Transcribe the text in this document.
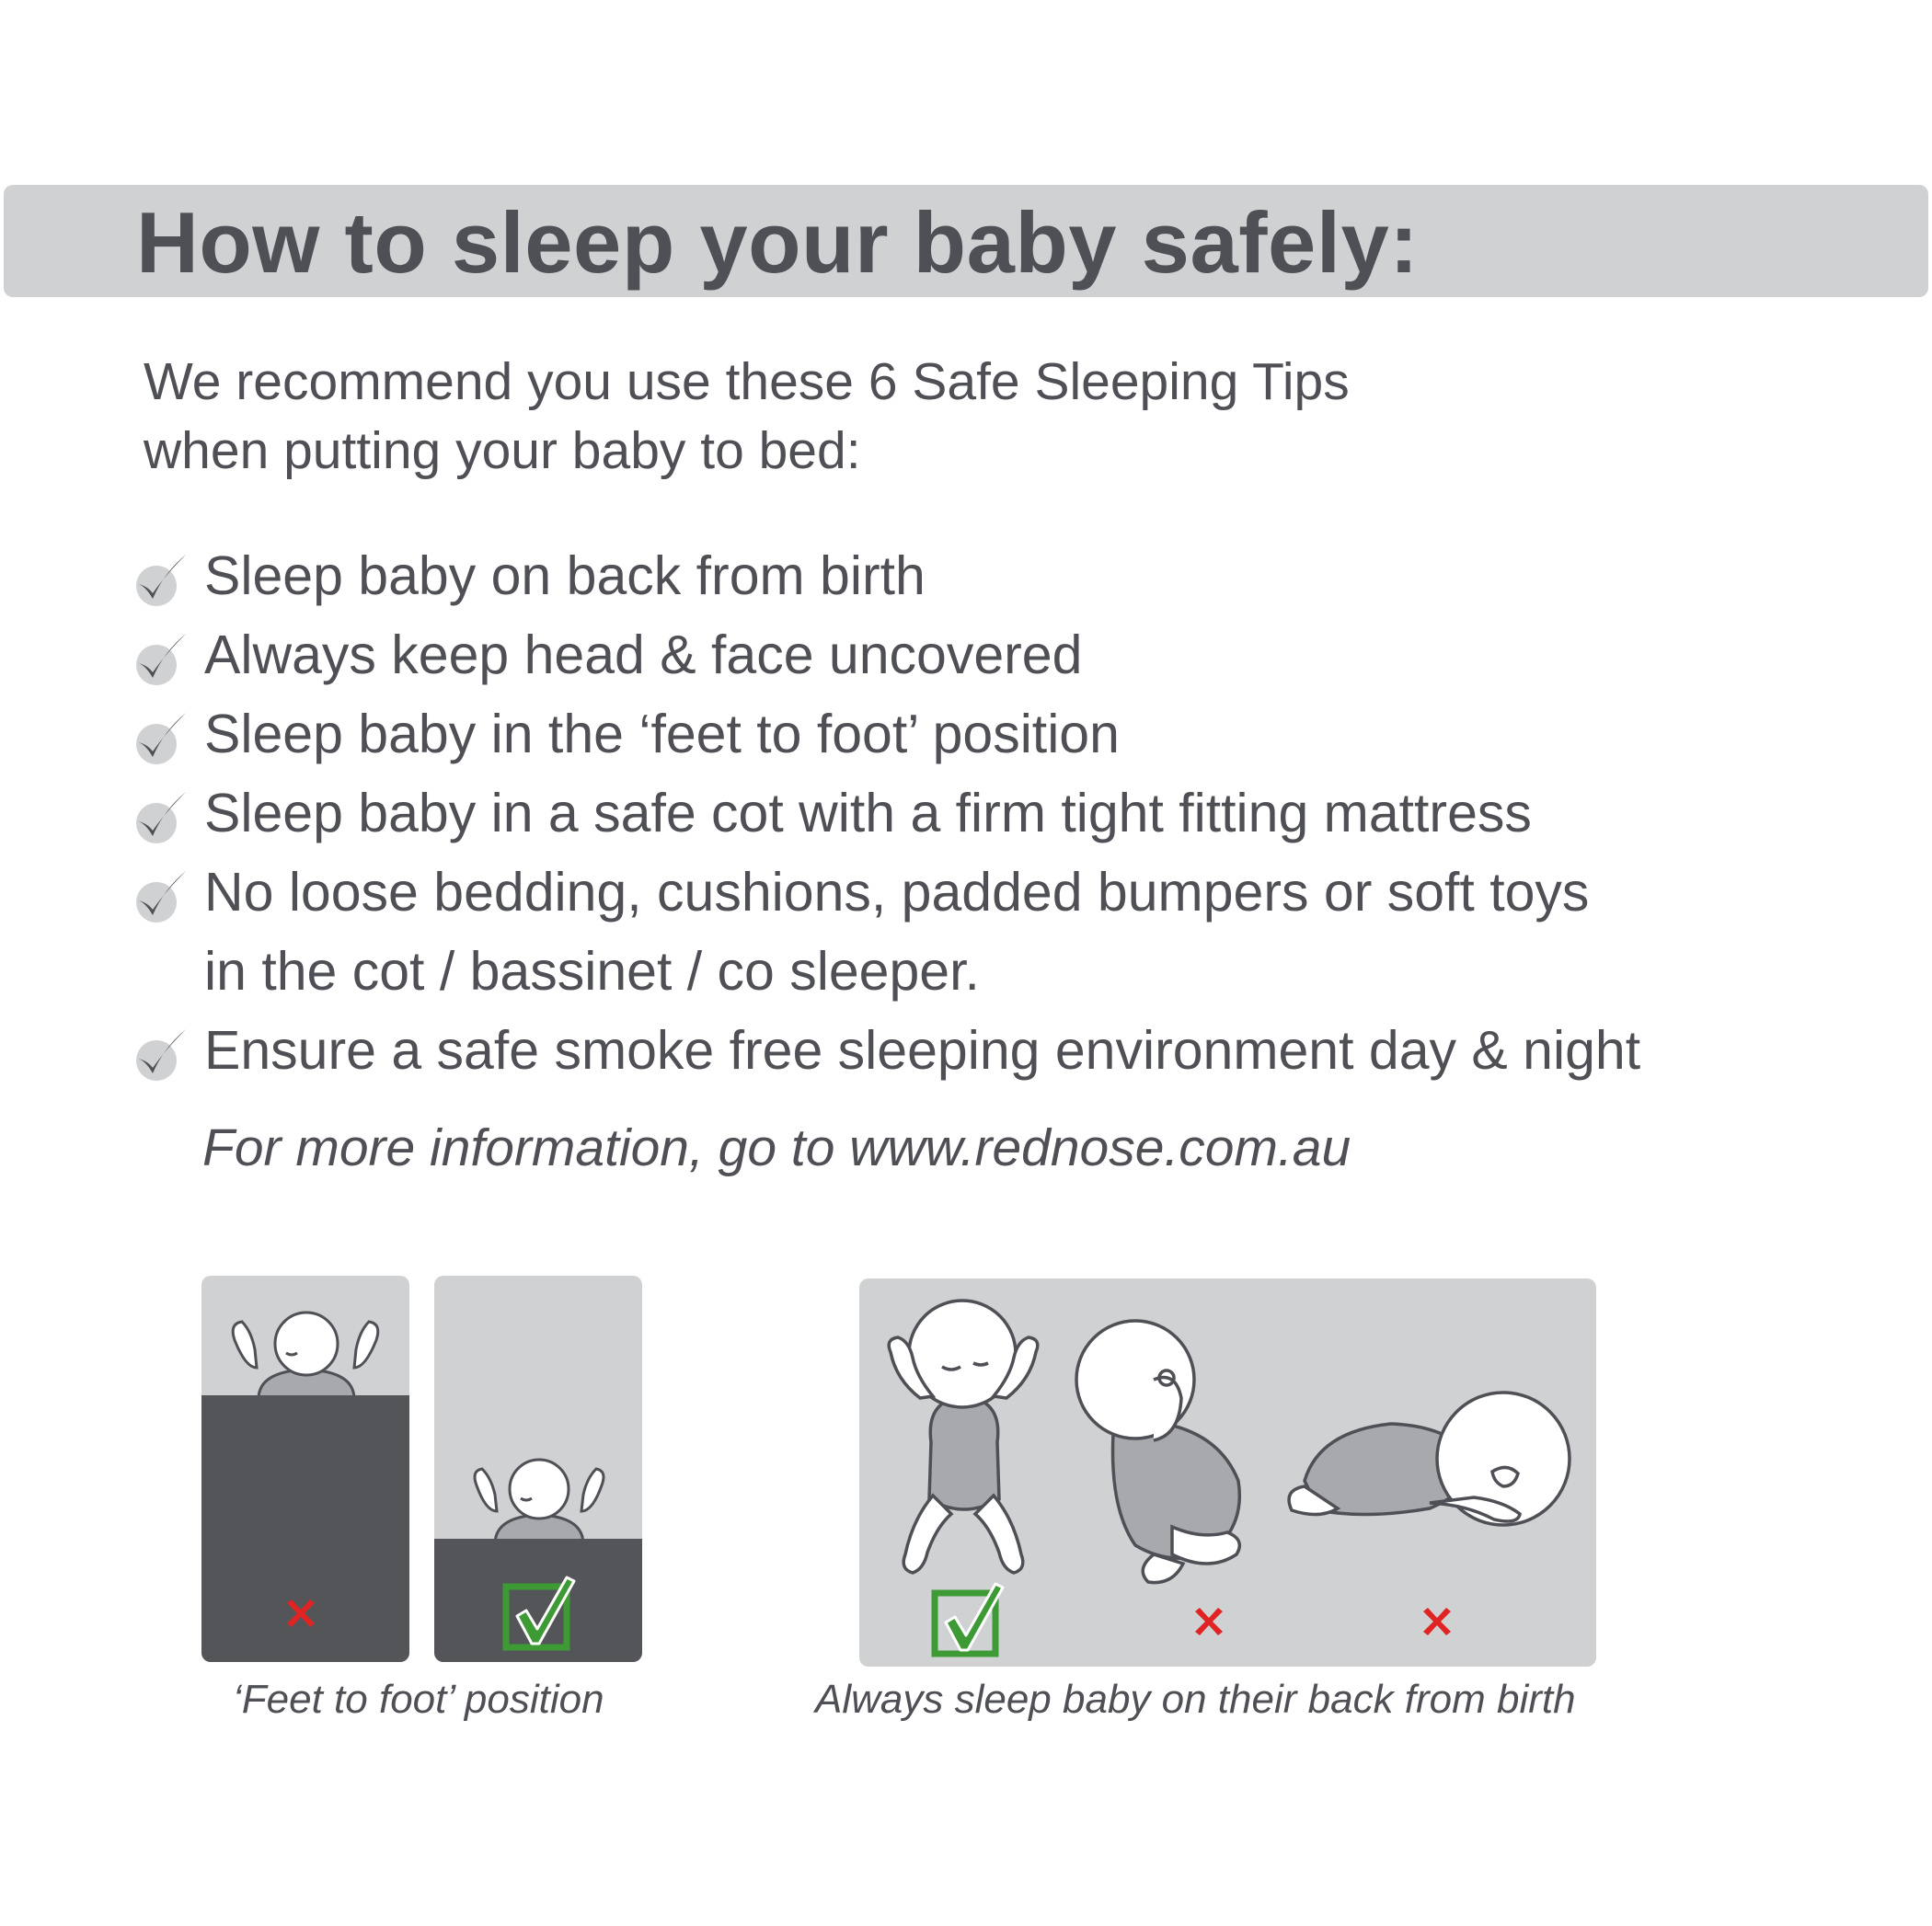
How to sleep your baby safely:
We recommend you use these 6 Safe Sleeping Tips
when putting your baby to bed:
Sleep baby on back from birth
Always keep head & face uncovered
Sleep baby in the ‘feet to foot’ position
Sleep baby in a safe cot with a firm tight fitting mattress
No loose bedding, cushions, padded bumpers or soft toys
in the cot / bassinet / co sleeper.
Ensure a safe smoke free sleeping environment day & night
For more information, go to www.rednose.com.au
‘Feet to foot’ position	Always sleep baby on their back from birth
